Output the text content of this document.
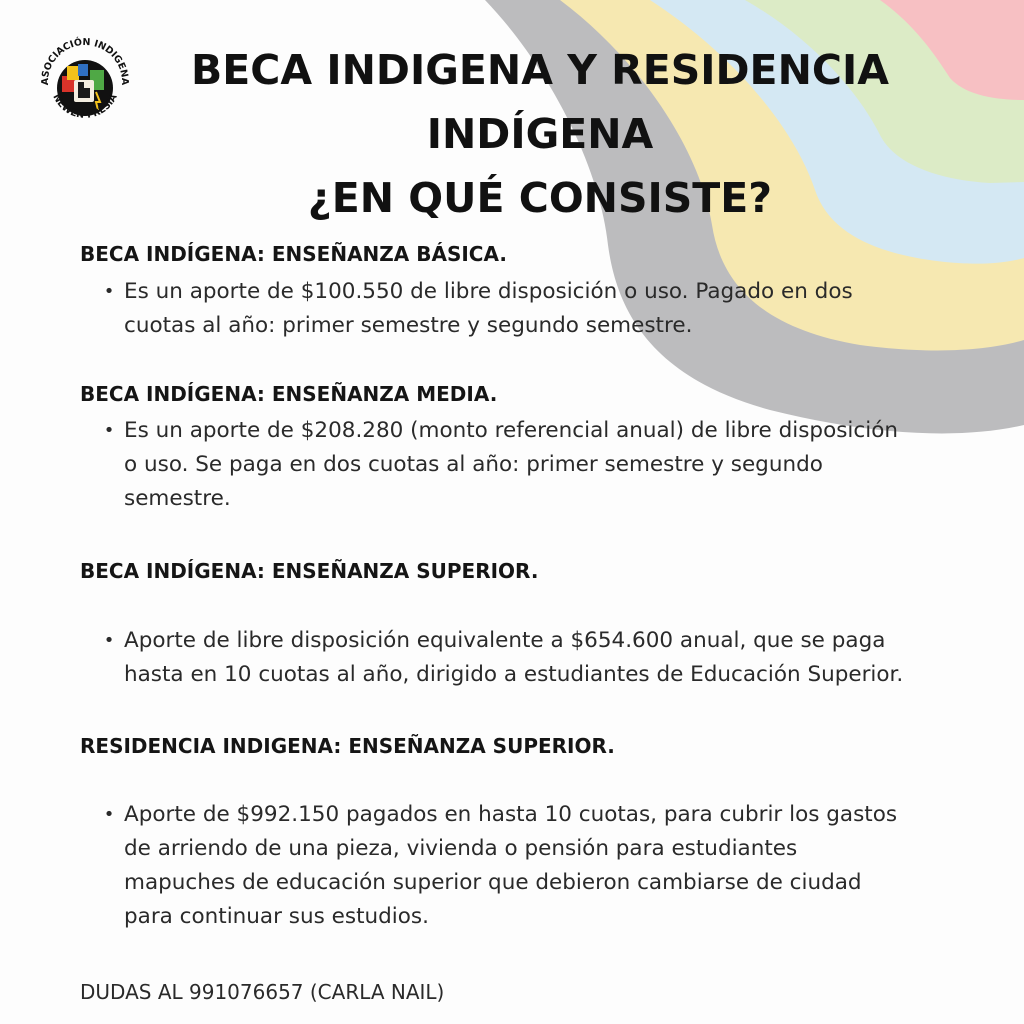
ASOCIACIÓN INDIGENA
NEWEN-FRESIA
BECA INDIGENA Y RESIDENCIA
INDÍGENA
¿EN QUÉ CONSISTE?
BECA INDÍGENA: ENSEÑANZA BÁSICA.
• Es un aporte de $100.550 de libre disposición o uso. Pagado en dos
cuotas al año: primer semestre y segundo semestre.
BECA INDÍGENA: ENSEÑANZA MEDIA.
• Es un aporte de $208.280 (monto referencial anual) de libre disposición
o uso. Se paga en dos cuotas al año: primer semestre y segundo
semestre.
BECA INDÍGENA: ENSEÑANZA SUPERIOR.
• Aporte de libre disposición equivalente a $654.600 anual, que se paga
hasta en 10 cuotas al año, dirigido a estudiantes de Educación Superior.
RESIDENCIA INDIGENA: ENSEÑANZA SUPERIOR.
• Aporte de $992.150 pagados en hasta 10 cuotas, para cubrir los gastos
de arriendo de una pieza, vivienda o pensión para estudiantes
mapuches de educación superior que debieron cambiarse de ciudad
para continuar sus estudios.
DUDAS AL 991076657 (CARLA NAIL)
